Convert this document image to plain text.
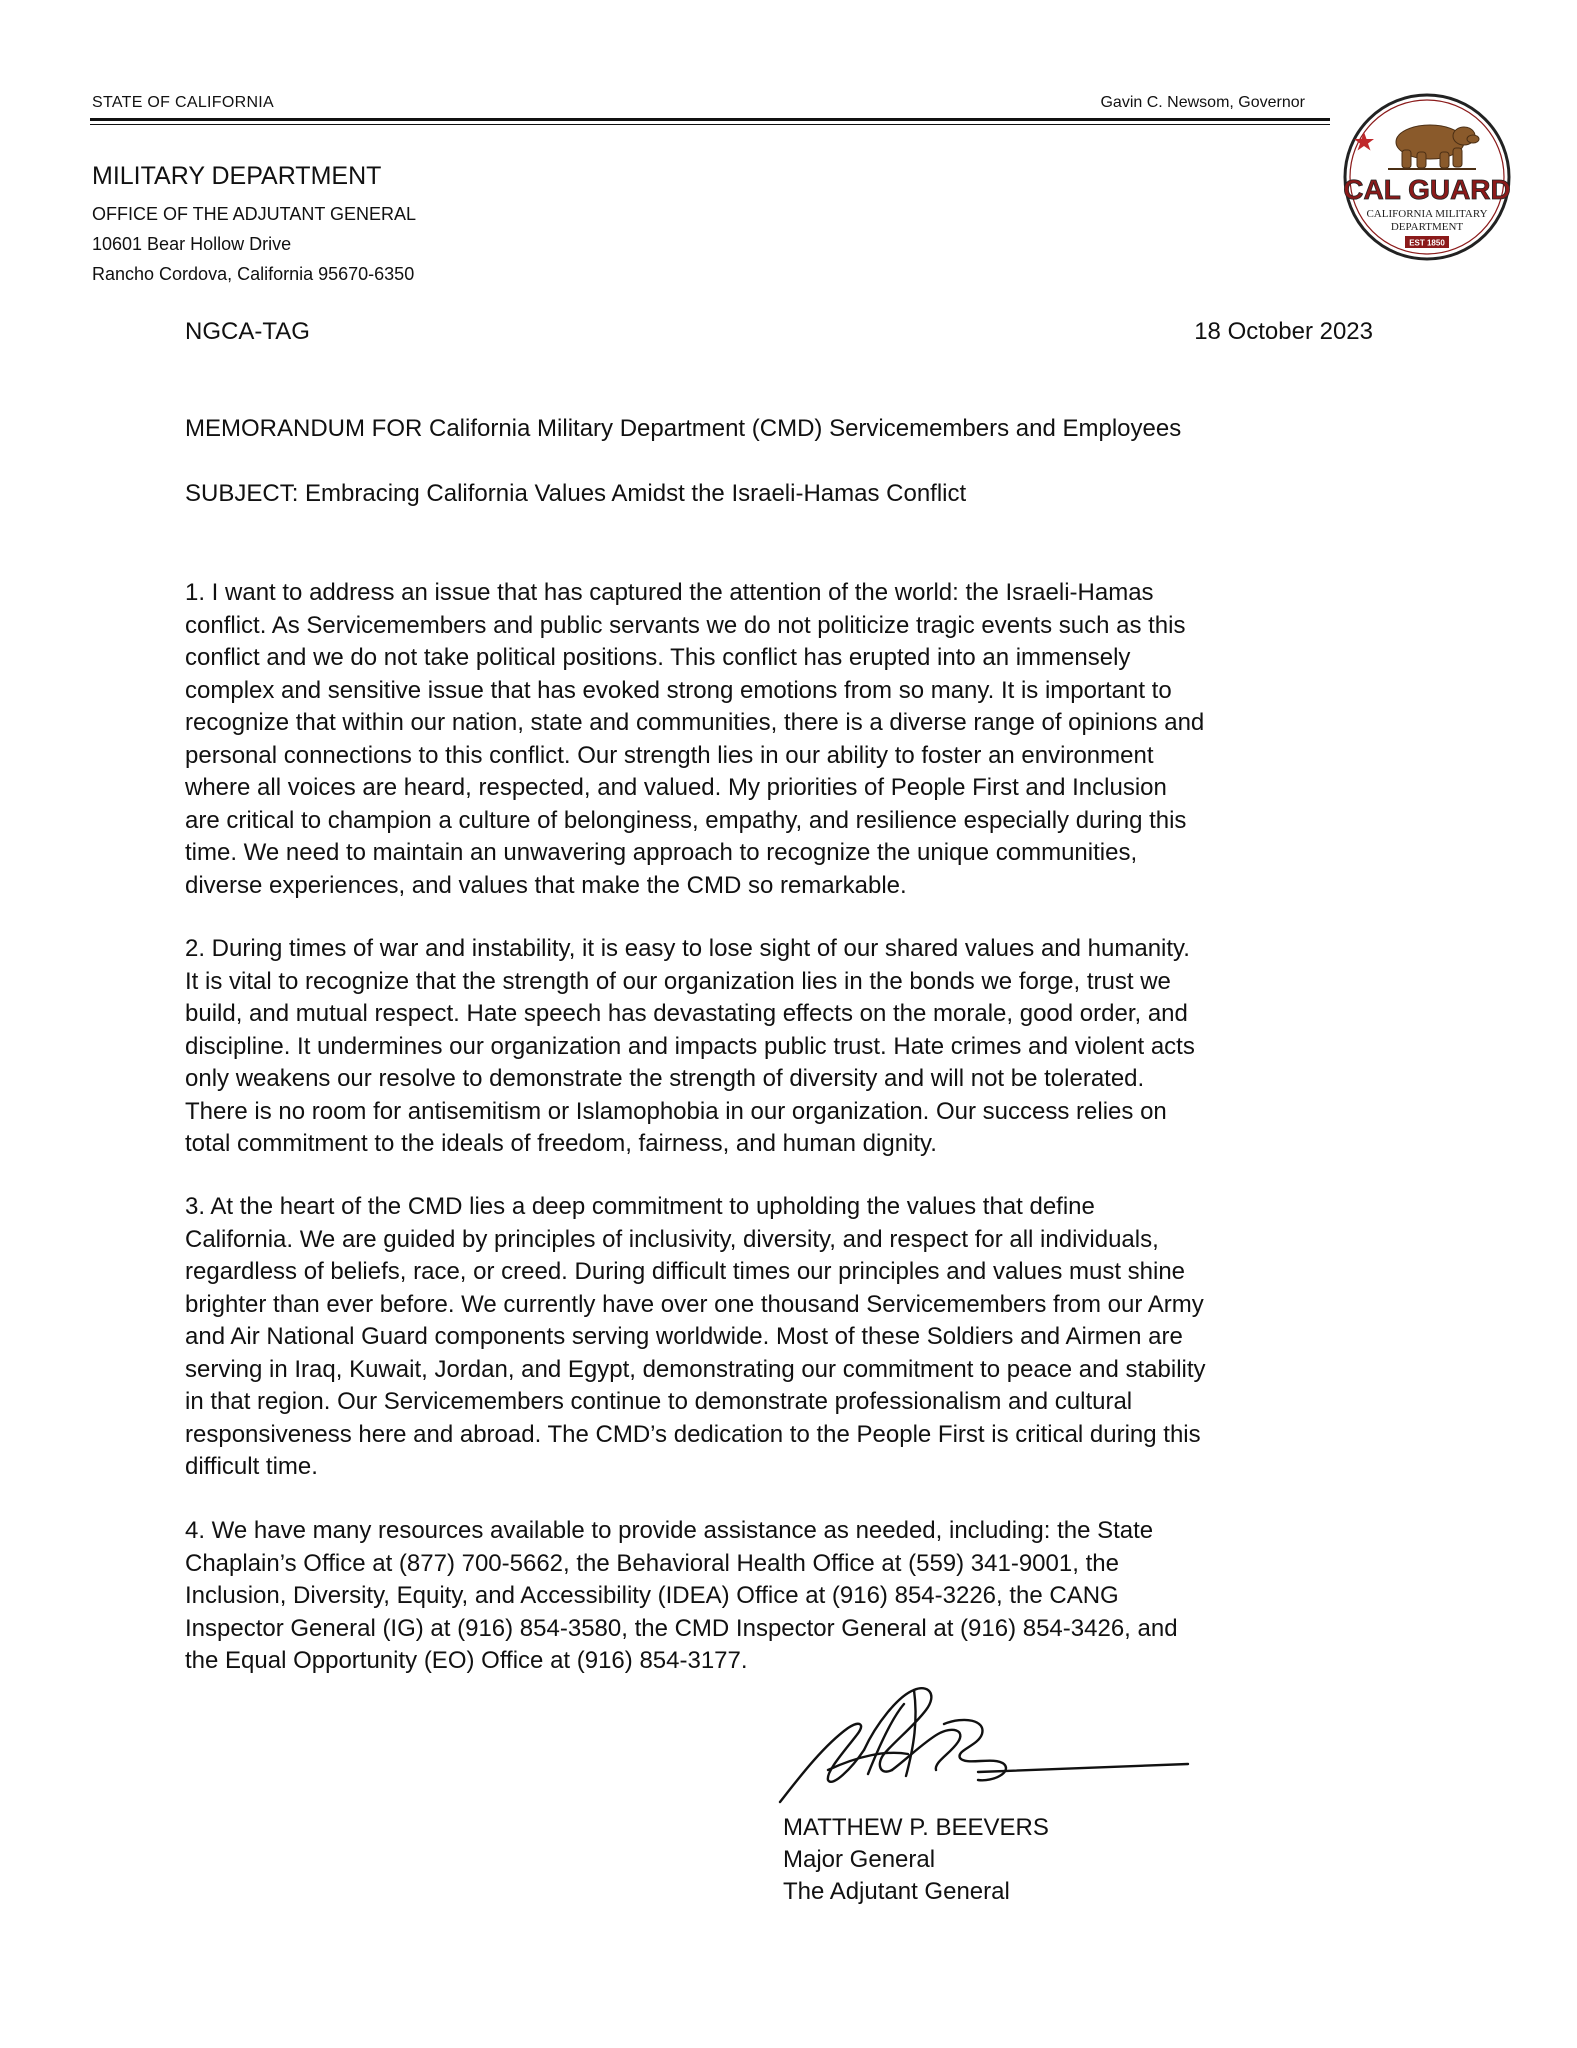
STATE OF CALIFORNIA	Gavin C. Newsom, Governor
MILITARY DEPARTMENT
OFFICE OF THE ADJUTANT GENERAL
10601 Bear Hollow Drive
Rancho Cordova, California 95670-6350
CAL GUARD
CALIFORNIA MILITARY
DEPARTMENT
EST 1850
NGCA-TAG	18 October 2023
MEMORANDUM FOR California Military Department (CMD) Servicemembers and Employees
SUBJECT: Embracing California Values Amidst the Israeli-Hamas Conflict
1. I want to address an issue that has captured the attention of the world: the Israeli-Hamas
conflict. As Servicemembers and public servants we do not politicize tragic events such as this
conflict and we do not take political positions. This conflict has erupted into an immensely
complex and sensitive issue that has evoked strong emotions from so many. It is important to
recognize that within our nation, state and communities, there is a diverse range of opinions and
personal connections to this conflict. Our strength lies in our ability to foster an environment
where all voices are heard, respected, and valued. My priorities of People First and Inclusion
are critical to champion a culture of belonginess, empathy, and resilience especially during this
time. We need to maintain an unwavering approach to recognize the unique communities,
diverse experiences, and values that make the CMD so remarkable.
2. During times of war and instability, it is easy to lose sight of our shared values and humanity.
It is vital to recognize that the strength of our organization lies in the bonds we forge, trust we
build, and mutual respect. Hate speech has devastating effects on the morale, good order, and
discipline. It undermines our organization and impacts public trust. Hate crimes and violent acts
only weakens our resolve to demonstrate the strength of diversity and will not be tolerated.
There is no room for antisemitism or Islamophobia in our organization. Our success relies on
total commitment to the ideals of freedom, fairness, and human dignity.
3. At the heart of the CMD lies a deep commitment to upholding the values that define
California. We are guided by principles of inclusivity, diversity, and respect for all individuals,
regardless of beliefs, race, or creed. During difficult times our principles and values must shine
brighter than ever before. We currently have over one thousand Servicemembers from our Army
and Air National Guard components serving worldwide. Most of these Soldiers and Airmen are
serving in Iraq, Kuwait, Jordan, and Egypt, demonstrating our commitment to peace and stability
in that region. Our Servicemembers continue to demonstrate professionalism and cultural
responsiveness here and abroad. The CMD’s dedication to the People First is critical during this
difficult time.
4. We have many resources available to provide assistance as needed, including: the State
Chaplain’s Office at (877) 700-5662, the Behavioral Health Office at (559) 341-9001, the
Inclusion, Diversity, Equity, and Accessibility (IDEA) Office at (916) 854-3226, the CANG
Inspector General (IG) at (916) 854-3580, the CMD Inspector General at (916) 854-3426, and
the Equal Opportunity (EO) Office at (916) 854-3177.
MATTHEW P. BEEVERS
Major General
The Adjutant General
